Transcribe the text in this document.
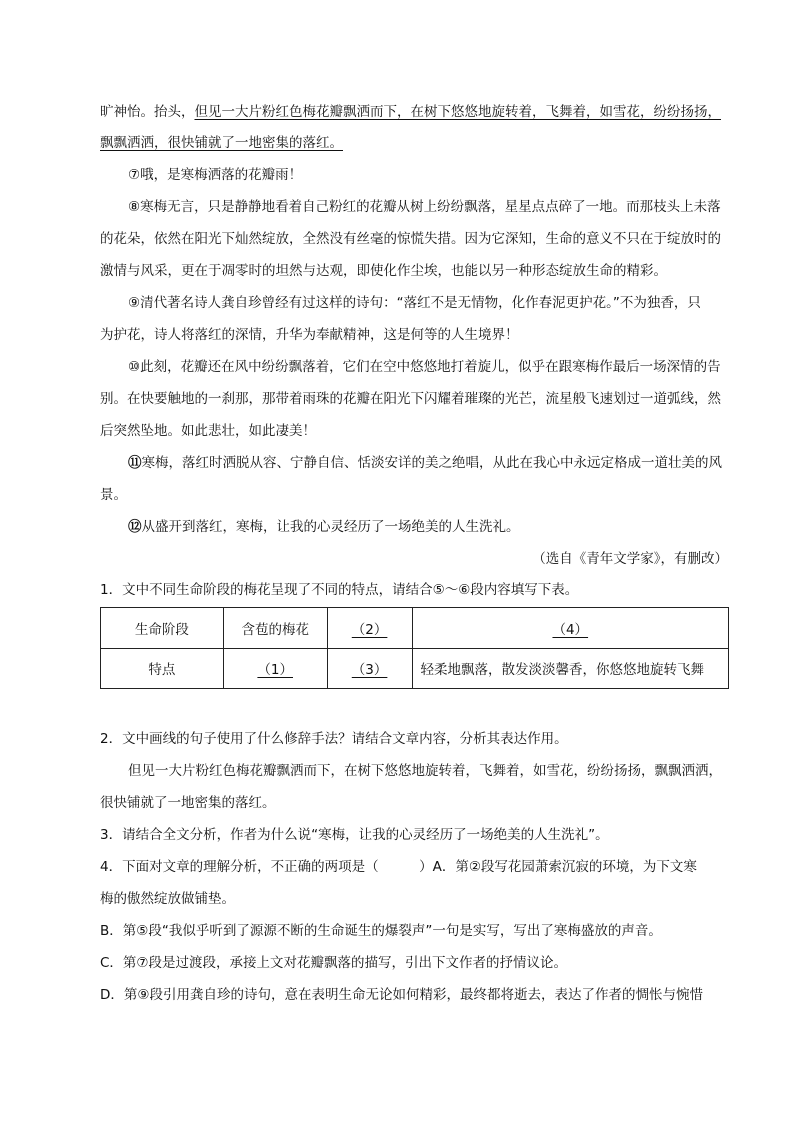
旷神怡。抬头，但见一大片粉红色梅花瓣飘洒而下，在树下悠悠地旋转着，飞舞着，如雪花，纷纷扬扬，
飘飘洒洒，很快铺就了一地密集的落红。
⑦哦，是寒梅洒落的花瓣雨！
⑧寒梅无言，只是静静地看着自己粉红的花瓣从树上纷纷飘落，星星点点碎了一地。而那枝头上未落
的花朵，依然在阳光下灿然绽放，全然没有丝毫的惊慌失措。因为它深知，生命的意义不只在于绽放时的
激情与风采，更在于凋零时的坦然与达观，即使化作尘埃，也能以另一种形态绽放生命的精彩。
⑨清代著名诗人龚自珍曾经有过这样的诗句：“落红不是无情物，化作春泥更护花。”不为独香，只
为护花，诗人将落红的深情，升华为奉献精神，这是何等的人生境界！
⑩此刻，花瓣还在风中纷纷飘落着，它们在空中悠悠地打着旋儿，似乎在跟寒梅作最后一场深情的告
别。在快要触地的一刹那，那带着雨珠的花瓣在阳光下闪耀着璀璨的光芒，流星般飞速划过一道弧线，然
后突然坠地。如此悲壮，如此凄美！
⑪寒梅，落红时洒脱从容、宁静自信、恬淡安详的美之绝唱，从此在我心中永远定格成一道壮美的风
景。
⑫从盛开到落红，寒梅，让我的心灵经历了一场绝美的人生洗礼。
（选自《青年文学家》，有删改）
1．文中不同生命阶段的梅花呈现了不同的特点，请结合⑤～⑥段内容填写下表。
生命阶段	含苞的梅花	（2）	（4）
特点	（1）	（3）	轻柔地飘落，散发淡淡馨香，你悠悠地旋转飞舞
2．文中画线的句子使用了什么修辞手法？请结合文章内容，分析其表达作用。
但见一大片粉红色梅花瓣飘洒而下，在树下悠悠地旋转着，飞舞着，如雪花，纷纷扬扬，飘飘洒洒，
很快铺就了一地密集的落红。
3．请结合全文分析，作者为什么说“寒梅，让我的心灵经历了一场绝美的人生洗礼”。
4．下面对文章的理解分析，不正确的两项是（　　　）A．第②段写花园萧索沉寂的环境，为下文寒
梅的傲然绽放做铺垫。
B．第⑤段“我似乎听到了源源不断的生命诞生的爆裂声”一句是实写，写出了寒梅盛放的声音。
C．第⑦段是过渡段，承接上文对花瓣飘落的描写，引出下文作者的抒情议论。
D．第⑨段引用龚自珍的诗句，意在表明生命无论如何精彩，最终都将逝去，表达了作者的惆怅与惋惜
